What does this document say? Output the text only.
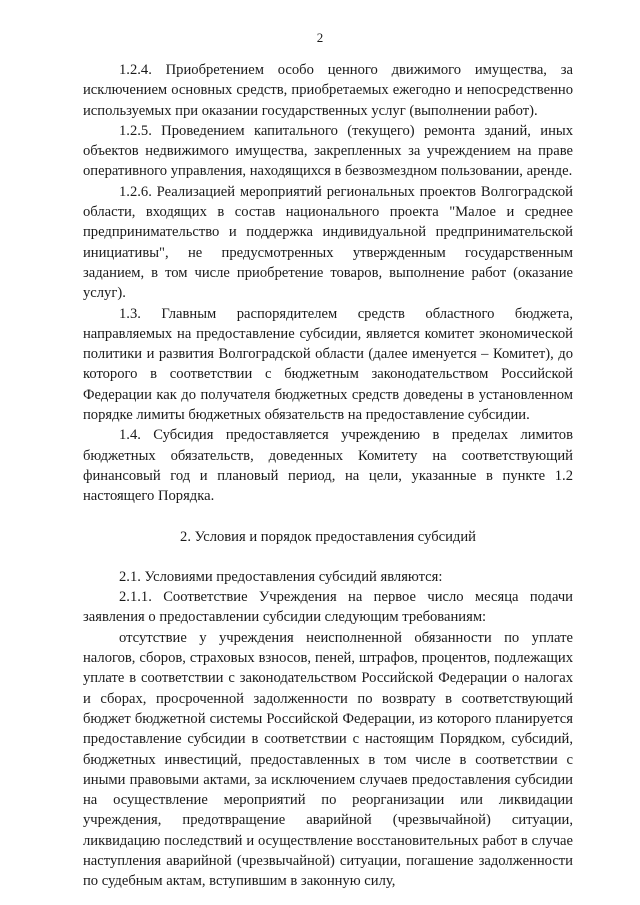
2

1.2.4. Приобретением особо ценного движимого имущества, за исключением основных средств, приобретаемых ежегодно и непосредственно используемых при оказании государственных услуг (выполнении работ).

1.2.5. Проведением капитального (текущего) ремонта зданий, иных объектов недвижимого имущества, закрепленных за учреждением на праве оперативного управления, находящихся в безвозмездном пользовании, аренде.

1.2.6. Реализацией мероприятий региональных проектов Волгоградской области, входящих в состав национального проекта "Малое и среднее предпринимательство и поддержка индивидуальной предпринимательской инициативы", не предусмотренных утвержденным государственным заданием, в том числе приобретение товаров, выполнение работ (оказание услуг).

1.3. Главным распорядителем средств областного бюджета, направляемых на предоставление субсидии, является комитет экономической политики и развития Волгоградской области (далее именуется – Комитет), до которого в соответствии с бюджетным законодательством Российской Федерации как до получателя бюджетных средств доведены в установленном порядке лимиты бюджетных обязательств на предоставление субсидии.

1.4. Субсидия предоставляется учреждению в пределах лимитов бюджетных обязательств, доведенных Комитету на соответствующий финансовый год и плановый период, на цели, указанные в пункте 1.2 настоящего Порядка.

2. Условия и порядок предоставления субсидий

2.1. Условиями предоставления субсидий являются:

2.1.1. Соответствие Учреждения на первое число месяца подачи заявления о предоставлении субсидии следующим требованиям:

отсутствие у учреждения неисполненной обязанности по уплате налогов, сборов, страховых взносов, пеней, штрафов, процентов, подлежащих уплате в соответствии с законодательством Российской Федерации о налогах и сборах, просроченной задолженности по возврату в соответствующий бюджет бюджетной системы Российской Федерации, из которого планируется предоставление субсидии в соответствии с настоящим Порядком, субсидий, бюджетных инвестиций, предоставленных в том числе в соответствии с иными правовыми актами, за исключением случаев предоставления субсидии на осуществление мероприятий по реорганизации или ликвидации учреждения, предотвращение аварийной (чрезвычайной) ситуации, ликвидацию последствий и осуществление восстановительных работ в случае наступления аварийной (чрезвычайной) ситуации, погашение задолженности по судебным актам, вступившим в законную силу,
